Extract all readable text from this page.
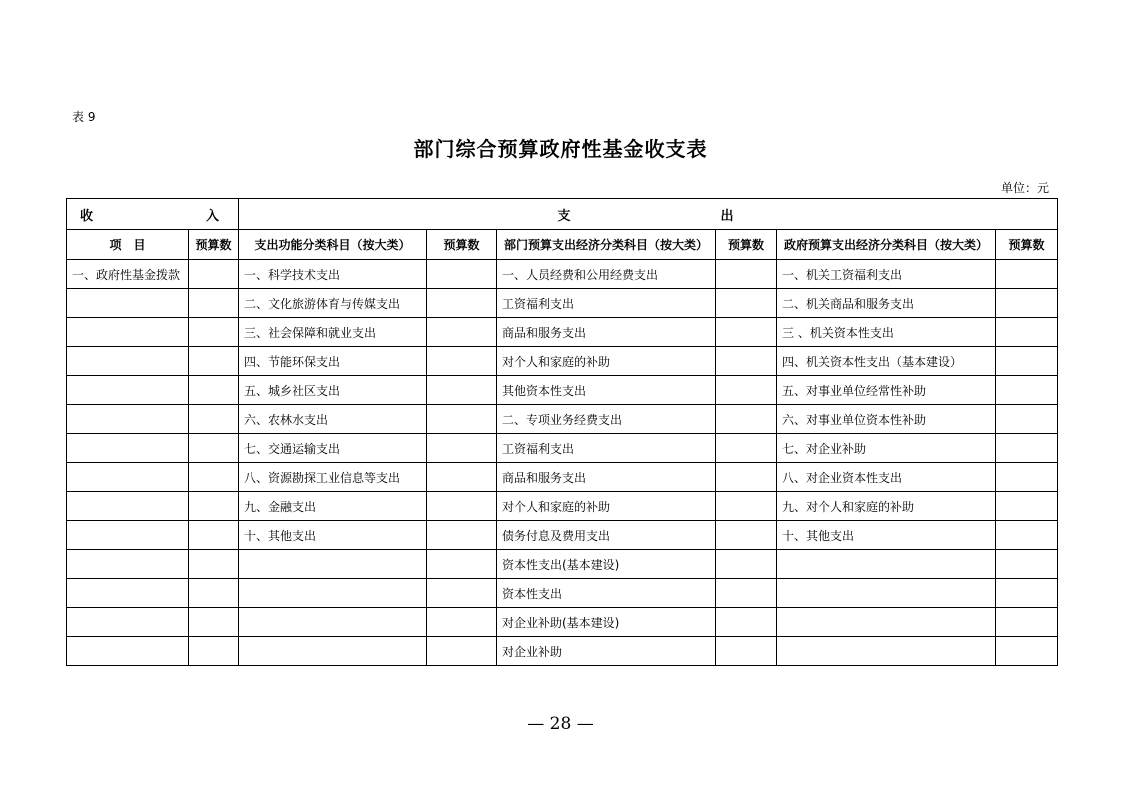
表 9
部门综合预算政府性基金收支表
单位：元
收 入		支出					
项　目	预算数	支出功能分类科目（按大类）	预算数	部门预算支出经济分类科目（按大类）	预算数	政府预算支出经济分类科目（按大类）	预算数
一、政府性基金拨款		一、科学技术支出		一、人员经费和公用经费支出		一、机关工资福利支出	
		二、文化旅游体育与传媒支出		工资福利支出		二、机关商品和服务支出	
		三、社会保障和就业支出		商品和服务支出		三 、机关资本性支出	
		四、节能环保支出		对个人和家庭的补助		四、机关资本性支出（基本建设）	
		五、城乡社区支出		其他资本性支出		五、对事业单位经常性补助	
		六、农林水支出		二、专项业务经费支出		六、对事业单位资本性补助	
		七、交通运输支出		工资福利支出		七、对企业补助	
		八、资源勘探工业信息等支出		商品和服务支出		八、对企业资本性支出	
		九、金融支出		对个人和家庭的补助		九、对个人和家庭的补助	
		十、其他支出		债务付息及费用支出		十、其他支出	
				资本性支出(基本建设)			
				资本性支出			
				对企业补助(基本建设)			
				对企业补助			
— 28 —
